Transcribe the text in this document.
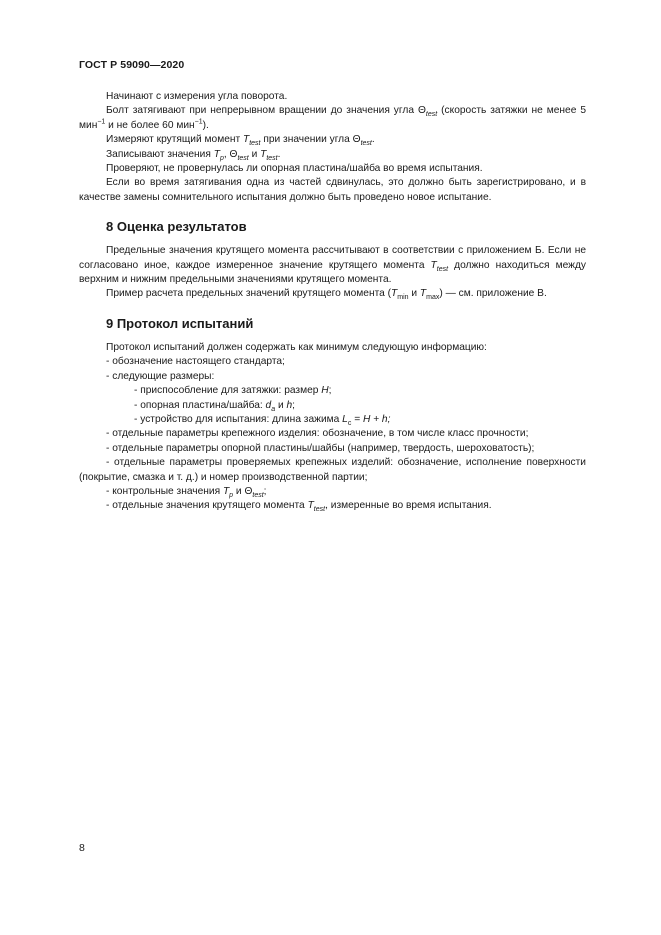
ГОСТ Р 59090—2020

Начинают с измерения угла поворота.

Болт затягивают при непрерывном вращении до значения угла $\Theta_{test}$ (скорость затяжки не менее 5 мин$^{-1}$ и не более 60 мин$^{-1}$).

Измеряют крутящий момент $T_{test}$ при значении угла $\Theta_{test}$.

Записывают значения $T_p$, $\Theta_{test}$ и $T_{test}$.

Проверяют, не провернулась ли опорная пластина/шайба во время испытания.

Если во время затягивания одна из частей сдвинулась, это должно быть зарегистрировано, и в качестве замены сомнительного испытания должно быть проведено новое испытание.

8 Оценка результатов

Предельные значения крутящего момента рассчитывают в соответствии с приложением Б. Если не согласовано иное, каждое измеренное значение крутящего момента $T_{test}$ должно находиться между верхним и нижним предельными значениями крутящего момента.

Пример расчета предельных значений крутящего момента ($T_{min}$ и $T_{max}$) — см. приложение В.

9 Протокол испытаний

Протокол испытаний должен содержать как минимум следующую информацию:

- обозначение настоящего стандарта;

- следующие размеры:

- приспособление для затяжки: размер H;

- опорная пластина/шайба: $d_a$ и h;

- устройство для испытания: длина зажима $L_c = H + h$;

- отдельные параметры крепежного изделия: обозначение, в том числе класс прочности;

- отдельные параметры опорной пластины/шайбы (например, твердость, шероховатость);

- отдельные параметры проверяемых крепежных изделий: обозначение, исполнение поверхности (покрытие, смазка и т. д.) и номер производственной партии;

- контрольные значения $T_p$ и $\Theta_{test}$;

- отдельные значения крутящего момента $T_{test}$, измеренные во время испытания.

8
